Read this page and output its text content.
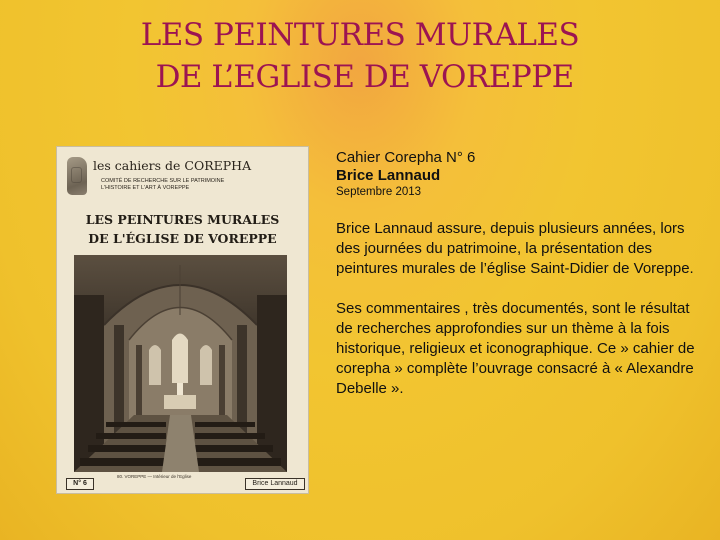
LES PEINTURES MURALES
DE L’EGLISE DE VOREPPE
les cahiers de COREPHA
COMITÉ DE RECHERCHE SUR LE PATRIMOINE
L'HISTOIRE ET L'ART À VOREPPE
LES PEINTURES MURALES
DE L'ÉGLISE DE VOREPPE
80. VOREPPE — Intérieur de l'Eglise
N° 6	Brice Lannaud
Cahier Corepha N° 6
Brice Lannaud
Septembre 2013

Brice Lannaud assure, depuis plusieurs années, lors des journées du patrimoine, la présentation des peintures murales de l’église Saint-Didier de Voreppe.

Ses commentaires , très documentés, sont le résultat de recherches approfondies sur un thème à la fois historique, religieux et iconographique. Ce » cahier de corepha » complète l’ouvrage consacré à « Alexandre Debelle ».
